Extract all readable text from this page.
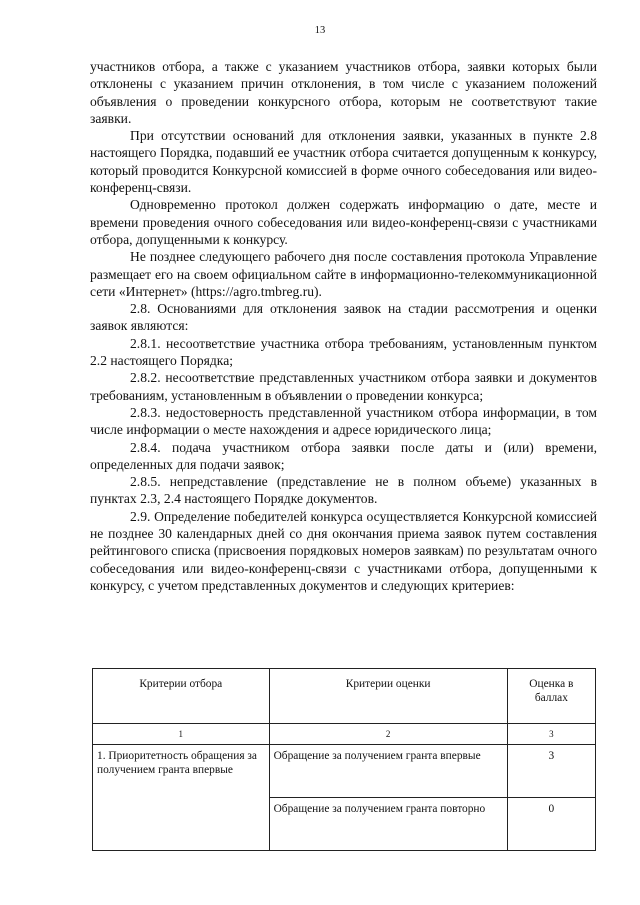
13

участников отбора, а также с указанием участников отбора, заявки которых были отклонены с указанием причин отклонения, в том числе с указанием положений объявления о проведении конкурсного отбора, которым не соответствуют такие заявки.

При отсутствии оснований для отклонения заявки, указанных в пункте 2.8 настоящего Порядка, подавший ее участник отбора считается допущенным к конкурсу, который проводится Конкурсной комиссией в форме очного собеседования или видео-конференц-связи.

Одновременно протокол должен содержать информацию о дате, месте и времени проведения очного собеседования или видео-конференц-связи с участниками отбора, допущенными к конкурсу.

Не позднее следующего рабочего дня после составления протокола Управление размещает его на своем официальном сайте в информационно-телекоммуникационной сети «Интернет» (https://agro.tmbreg.ru).

2.8. Основаниями для отклонения заявок на стадии рассмотрения и оценки заявок являются:

2.8.1. несоответствие участника отбора требованиям, установленным пунктом 2.2 настоящего Порядка;

2.8.2. несоответствие представленных участником отбора заявки и документов требованиям, установленным в объявлении о проведении конкурса;

2.8.3. недостоверность представленной участником отбора информации, в том числе информации о месте нахождения и адресе юридического лица;

2.8.4. подача участником отбора заявки после даты и (или) времени, определенных для подачи заявок;

2.8.5. непредставление (представление не в полном объеме) указанных в пунктах 2.3, 2.4 настоящего Порядке документов.

2.9. Определение победителей конкурса осуществляется Конкурсной комиссией не позднее 30 календарных дней со дня окончания приема заявок путем составления рейтингового списка (присвоения порядковых номеров заявкам) по результатам очного собеседования или видео-конференц-связи с участниками отбора, допущенными к конкурсу, с учетом представленных документов и следующих критериев:

Критерии отбора	Критерии оценки	Оценка в баллах
1	2	3
1. Приоритетность обращения за получением гранта впервые	Обращение за получением гранта впервые	3
	Обращение за получением гранта повторно	0
